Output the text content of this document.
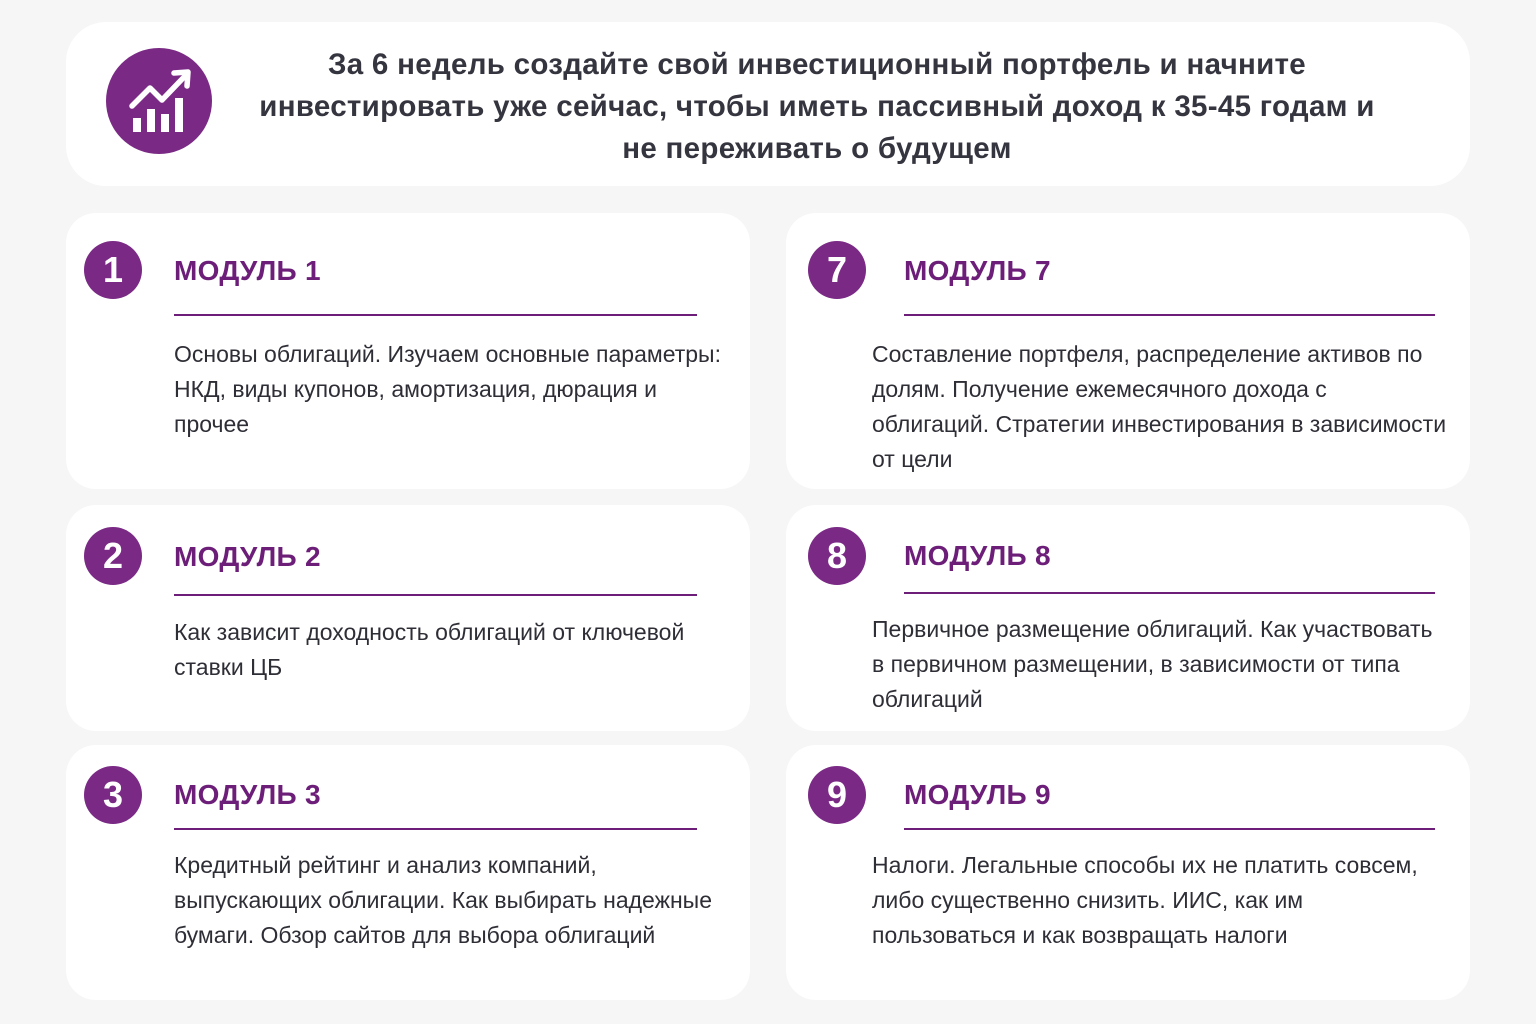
За 6 недель создайте свой инвестиционный портфель и начните инвестировать уже сейчас, чтобы иметь пассивный доход к 35-45 годам и не переживать о будущем

1	МОДУЛЬ 1

Основы облигаций. Изучаем основные параметры: НКД, виды купонов, амортизация, дюрация и прочее

7	МОДУЛЬ 7

Составление портфеля, распределение активов по долям. Получение ежемесячного дохода с облигаций. Стратегии инвестирования в зависимости от цели

2	МОДУЛЬ 2

Как зависит доходность облигаций от ключевой ставки ЦБ

8	МОДУЛЬ 8

Первичное размещение облигаций. Как участвовать в первичном размещении, в зависимости от типа облигаций

3	МОДУЛЬ 3

Кредитный рейтинг и анализ компаний, выпускающих облигации. Как выбирать надежные бумаги. Обзор сайтов для выбора облигаций

9	МОДУЛЬ 9

Налоги. Легальные способы их не платить совсем, либо существенно снизить. ИИС, как им пользоваться и как возвращать налоги
